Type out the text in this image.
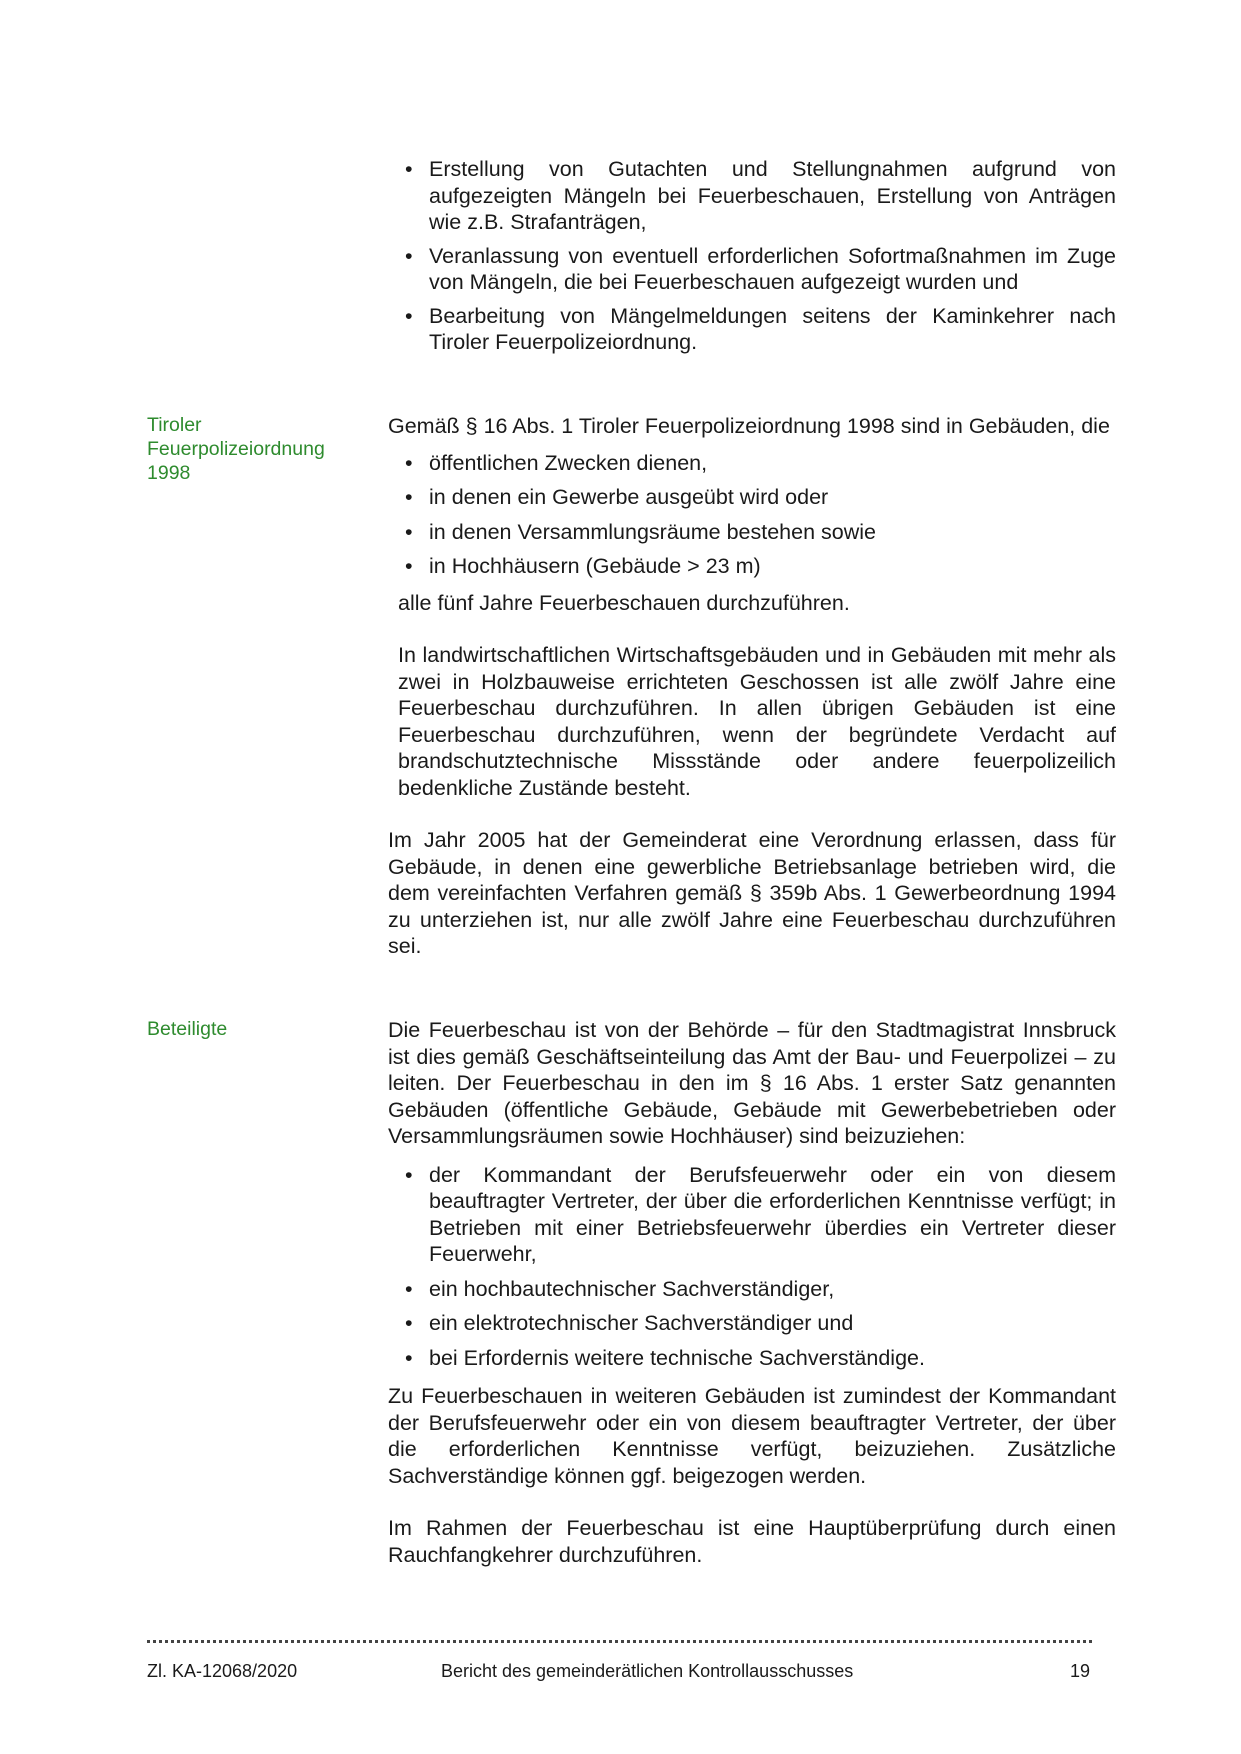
• Erstellung von Gutachten und Stellungnahmen aufgrund von aufgezeigten Mängeln bei Feuerbeschauen, Erstellung von Anträgen wie z.B. Strafanträgen,
• Veranlassung von eventuell erforderlichen Sofortmaßnahmen im Zuge von Mängeln, die bei Feuerbeschauen aufgezeigt wurden und
• Bearbeitung von Mängelmeldungen seitens der Kaminkehrer nach Tiroler Feuerpolizeiordnung.
Tiroler Feuerpolizeiordnung 1998

Gemäß § 16 Abs. 1 Tiroler Feuerpolizeiordnung 1998 sind in Gebäuden, die

• öffentlichen Zwecken dienen,
• in denen ein Gewerbe ausgeübt wird oder
• in denen Versammlungsräume bestehen sowie
• in Hochhäusern (Gebäude > 23 m)

alle fünf Jahre Feuerbeschauen durchzuführen.

In landwirtschaftlichen Wirtschaftsgebäuden und in Gebäuden mit mehr als zwei in Holzbauweise errichteten Geschossen ist alle zwölf Jahre eine Feuerbeschau durchzuführen. In allen übrigen Gebäuden ist eine Feuerbeschau durchzuführen, wenn der begründete Verdacht auf brandschutztechnische Missstände oder andere feuerpolizeilich bedenkliche Zustände besteht.

Im Jahr 2005 hat der Gemeinderat eine Verordnung erlassen, dass für Gebäude, in denen eine gewerbliche Betriebsanlage betrieben wird, die dem vereinfachten Verfahren gemäß § 359b Abs. 1 Gewerbeordnung 1994 zu unterziehen ist, nur alle zwölf Jahre eine Feuerbeschau durchzuführen sei.

Beteiligte	Die Feuerbeschau ist von der Behörde – für den Stadtmagistrat Innsbruck ist dies gemäß Geschäftseinteilung das Amt der Bau- und Feuerpolizei – zu leiten. Der Feuerbeschau in den im § 16 Abs. 1 erster Satz genannten Gebäuden (öffentliche Gebäude, Gebäude mit Gewerbebetrieben oder Versammlungsräumen sowie Hochhäuser) sind beizuziehen:

• der Kommandant der Berufsfeuerwehr oder ein von diesem beauftragter Vertreter, der über die erforderlichen Kenntnisse verfügt; in Betrieben mit einer Betriebsfeuerwehr überdies ein Vertreter dieser Feuerwehr,
• ein hochbautechnischer Sachverständiger,
• ein elektrotechnischer Sachverständiger und
• bei Erfordernis weitere technische Sachverständige.

Zu Feuerbeschauen in weiteren Gebäuden ist zumindest der Kommandant der Berufsfeuerwehr oder ein von diesem beauftragter Vertreter, der über die erforderlichen Kenntnisse verfügt, beizuziehen. Zusätzliche Sachverständige können ggf. beigezogen werden.

Im Rahmen der Feuerbeschau ist eine Hauptüberprüfung durch einen Rauchfangkehrer durchzuführen.

Zl. KA-12068/2020	Bericht des gemeinderätlichen Kontrollausschusses	19
